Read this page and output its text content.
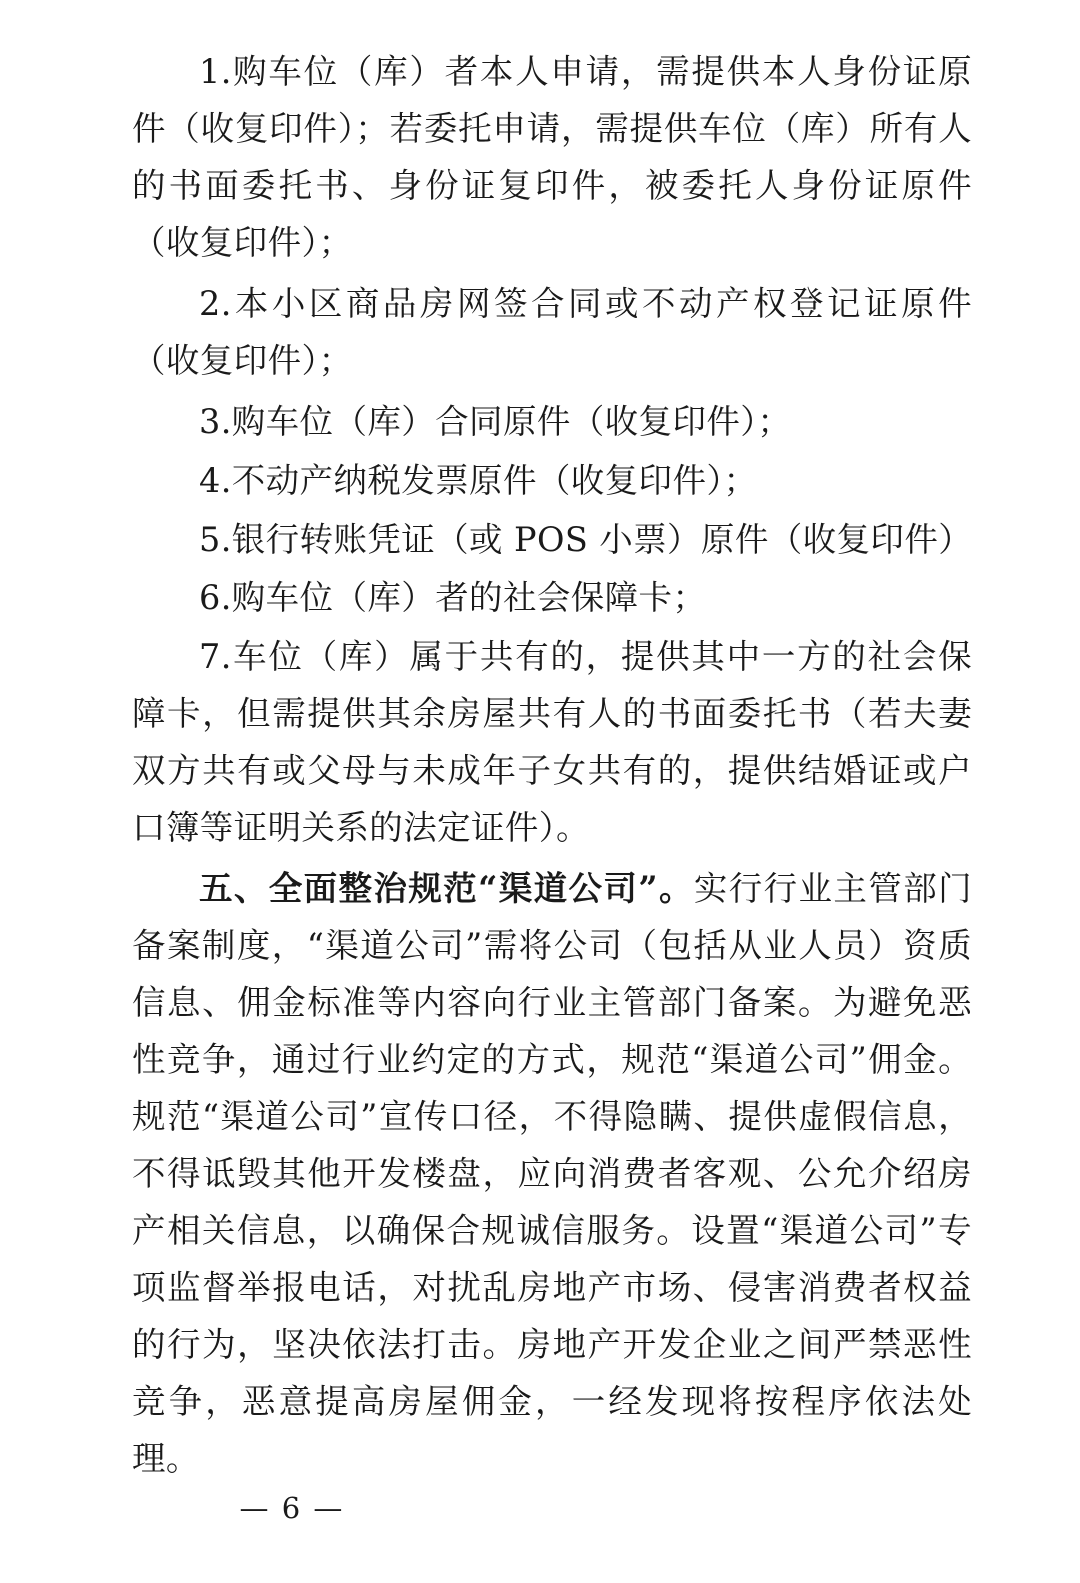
1.购车位（库）者本人申请，需提供本人身份证原件（收复印件）；若委托申请，需提供车位（库）所有人的书面委托书、身份证复印件，被委托人身份证原件（收复印件）；

2.本小区商品房网签合同或不动产权登记证原件（收复印件）；

3.购车位（库）合同原件（收复印件）；

4.不动产纳税发票原件（收复印件）；

5.银行转账凭证（或 POS 小票）原件（收复印件）

6.购车位（库）者的社会保障卡；

7.车位（库）属于共有的，提供其中一方的社会保障卡，但需提供其余房屋共有人的书面委托书（若夫妻双方共有或父母与未成年子女共有的，提供结婚证或户口簿等证明关系的法定证件）。

五、全面整治规范“渠道公司”。实行行业主管部门备案制度，“渠道公司”需将公司（包括从业人员）资质信息、佣金标准等内容向行业主管部门备案。为避免恶性竞争，通过行业约定的方式，规范“渠道公司”佣金。规范“渠道公司”宣传口径，不得隐瞒、提供虚假信息，不得诋毁其他开发楼盘，应向消费者客观、公允介绍房产相关信息，以确保合规诚信服务。设置“渠道公司”专项监督举报电话，对扰乱房地产市场、侵害消费者权益的行为，坚决依法打击。房地产开发企业之间严禁恶性竞争，恶意提高房屋佣金，一经发现将按程序依法处理。

— 6 —
